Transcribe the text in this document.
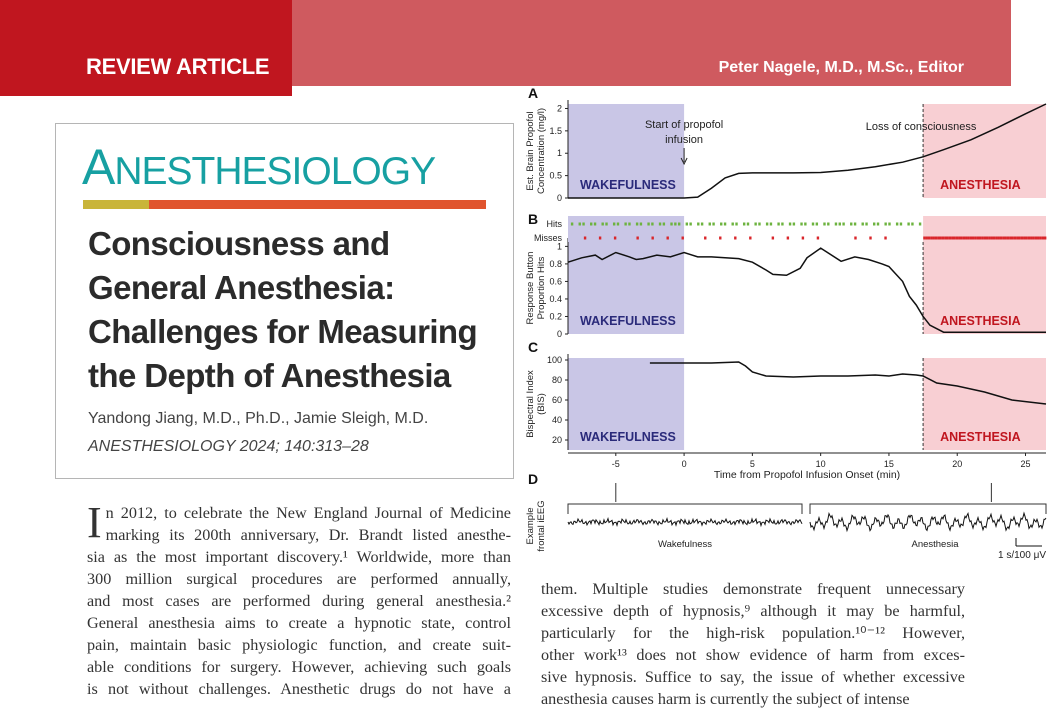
REVIEW ARTICLE	Peter Nagele, M.D., M.Sc., Editor
ANESTHESIOLOGY
Consciousness and General Anesthesia: Challenges for Measuring the Depth of Anesthesia
Yandong Jiang, M.D., Ph.D., Jamie Sleigh, M.D.
ANESTHESIOLOGY 2024; 140:313–28
I n 2012, to celebrate the New England Journal of Medicine
marking its 200th anniversary, Dr. Brandt listed anesthe-
sia as the most important discovery.¹ Worldwide, more than
300 million surgical procedures are performed annually,
and most cases are performed during general anesthesia.²
General anesthesia aims to create a hypnotic state, control
pain, maintain basic physiologic function, and create suit-
able conditions for surgery. However, achieving such goals
is not without challenges. Anesthetic drugs do not have a
them. Multiple studies demonstrate frequent unnecessary
excessive depth of hypnosis,⁹ although it may be harmful,
particularly for the high-risk population.¹⁰⁻¹² However,
other work¹³ does not show evidence of harm from exces-
sive hypnosis. Suffice to say, the issue of whether excessive
anesthesia causes harm is currently the subject of intense
WAKEFULNESS	ANESTHESIA
0
0.5
1
1.5
2
Est. Brain Propofol Concentration (mg/l)
A
WAKEFULNESS	ANESTHESIA
0
0.2
0.4
0.6
0.8
1
Response Button Proportion Hits
B
WAKEFULNESS	ANESTHESIA
20
40
60
80
100
Bispectral Index (BIS)
C
Start of propofol
infusion
Loss of consciousness
Hits
Misses
-5	0	5	10	15	20	25
Time from Propofol Infusion Onset (min)
D
Example frontal iEEG	Wakefulness	Anesthesia
1 s/100 μV
